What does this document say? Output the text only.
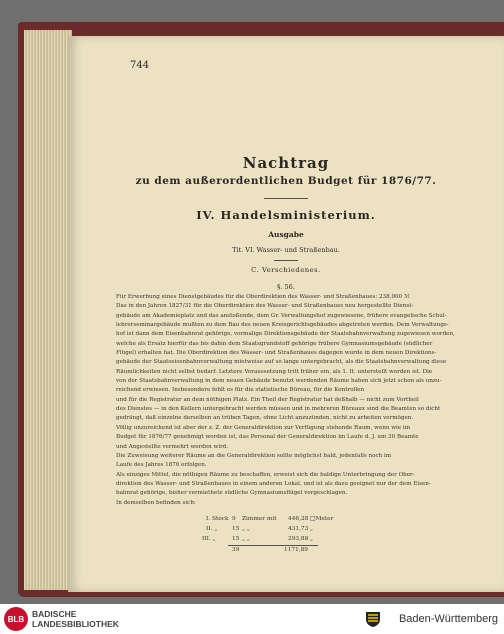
744
Nachtrag
zu dem außerordentlichen Budget für 1876/77.
IV. Handelsministerium.
Ausgabe
Tit. VI. Wasser- und Straßenbau.
C. Verschiedenes.
§. 56.
Für Erwerbung eines Dienstgebäudes für die Oberdirektion des Wasser- und Straßenbaues: 238,000 ℳ
Das in den Jahren 1827/31 für die Oberdirektion des Wasser- und Straßenbaues neu hergestellte Dienst-
gebäude am Akademieplatz und das anstoßende, dem Gr. Verwaltungshof zugewiesene, frühere evangelische Schul-
lehrerseminargebäude mußten zu dem Bau des neuen Kreisgerichtsgebäudes abgetreten werden. Dem Verwaltungs-
hof ist dann dem Eisenbahnrat gehörige, vormalige Direktionsgebäude der Staatsbahnverwaltung zugewiesen worden,
welche als Ersatz hierfür das bis dahin dem Staatsgrundstoff gehörige frühere Gymnasiumsgebäude (südlicher
Flügel) erhalten hat. Die Oberdirektion des Wasser- und Straßenbaues dagegen wurde in dem neuen Direktions-
gebäude der Staatseisenbahnverwaltung mietweise auf so lange untergebracht, als die Staatsbahnverwaltung diese
Räumlichkeiten nicht selbst bedarf. Letztere Voraussetzung tritt früher ein, als 1. It. unterstellt worden ist. Die
von der Staatsbahnverwaltung in dem neuen Gebäude benutzt werdenden Räume haben sich jetzt schon als unzu-
reichend erwiesen. Insbesondere fehlt es für die statistische Büreau, für die Kontrollen
und für die Registratur an dem nöthigen Platz. Ein Theil der Registratur hat deßhalb — nicht zum Vortheil
des Dienstes — in den Kellern untergebracht werden müssen und in mehreren Büreaux sind die Beamten so dicht
gedrängt, daß einzelne derselben an trüben Tagen, ohne Licht anzuzünden, nicht zu arbeiten vermögen.
Völlig unzureichend ist aber der z. Z. der Generaldirektion zur Verfügung stehende Raum, wenn wie im
Budget für 1876/77 genehmigt worden ist, das Personal der Generaldirektion im Laufe d. J. um 30 Beamte
und Angestellte vermehrt werden wird.
Die Zuweisung weiterer Räume an die Generaldirektion sollte möglichst bald, jedenfalls noch im
Laufe des Jahres 1876 erfolgen.
Als einziges Mittel, die nöthigen Räume zu beschaffen, erweist sich die baldige Unterbringung der Ober-
direktion des Wasser- und Straßenbaues in einem anderen Lokal, und ist als dazu geeignet nur der dem Eisen-
bahnrat gehörige, bisher vermiethete südliche Gymnasiumsflügel vorgeschlagen.
In demselben befinden sich:
I. Stock 9 Zimmer mit 446,28 □Meter
II. „	15 „ „	431,73 „
III. „	15 „ „	293,88 „
39	1171,89
BLB BADISCHE
LANDESBIBLIOTHEK	Baden-Württemberg
